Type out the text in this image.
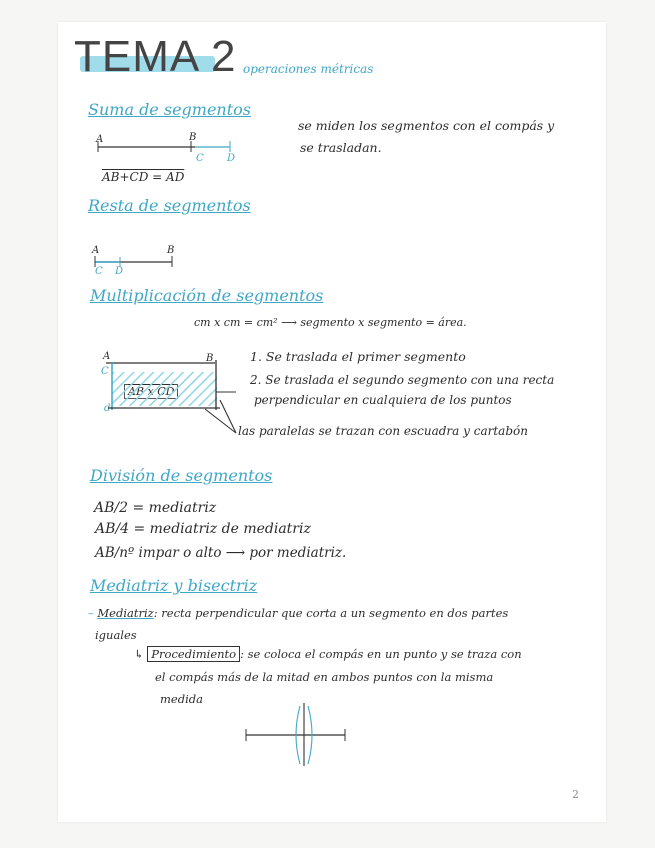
TEMA 2 operaciones métricas
Suma de segmentos
A	B
C D
AB+CD = AD
se miden los segmentos con el compás y
se trasladan.
Resta de segmentos
A	B
C D
Multiplicación de segmentos
cm x cm = cm² ⟶ segmento x segmento = área.
A	B
C
d
1. Se traslada el primer segmento
2. Se traslada el segundo segmento con una recta
perpendicular en cualquiera de los puntos
las paralelas se trazan con escuadra y cartabón
División de segmentos
AB/2 = mediatriz
AB/4 = mediatriz de mediatriz
AB/nº impar o alto ⟶ por mediatriz.
Mediatriz y bisectriz
– Mediatriz: recta perpendicular que corta a un segmento en dos partes
iguales
↳ Procedimiento : se coloca el compás en un punto y se traza con
el compás más de la mitad en ambos puntos con la misma
medida
2
